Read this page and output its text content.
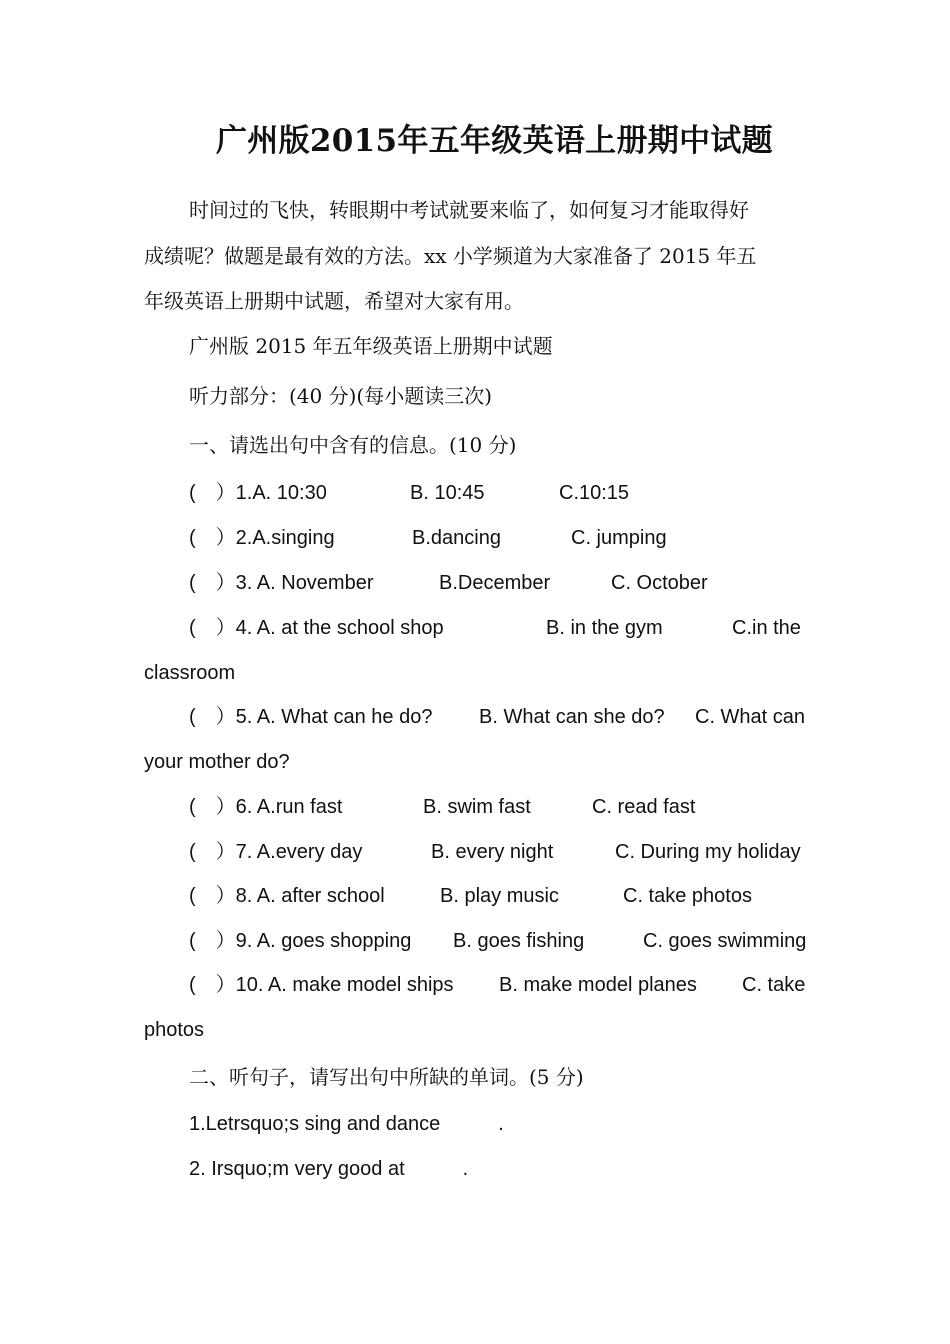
广州版2015年五年级英语上册期中试题
时间过的飞快，转眼期中考试就要来临了，如何复习才能取得好
成绩呢？做题是最有效的方法。xx 小学频道为大家准备了 2015 年五
年级英语上册期中试题，希望对大家有用。
广州版 2015 年五年级英语上册期中试题
听力部分：(40 分)(每小题读三次)
一、请选出句中含有的信息。(10 分)
(　）1.A. 10:30	B. 10:45	C.10:15
(　）2.A.singing	B.dancing	C. jumping
(　）3. A. November	B.December	C. October
(　）4. A. at the school shop	B. in the gym	C.in the
classroom
(　）5. A. What can he do? B. What can she do? C. What can
your mother do?
(　）6. A.run fast	B. swim fast	C. read fast
(　）7. A.every day	B. every night	C. During my holiday
(　）8. A. after school	B. play music	C. take photos
(　）9. A. goes shopping B. goes fishing	C. goes swimming
(　）10. A. make model ships B. make model planes C. take
photos
二、听句子，请写出句中所缺的单词。(5 分)
1.Letrsquo;s sing and dance	.
2. Irsquo;m very good at	.
